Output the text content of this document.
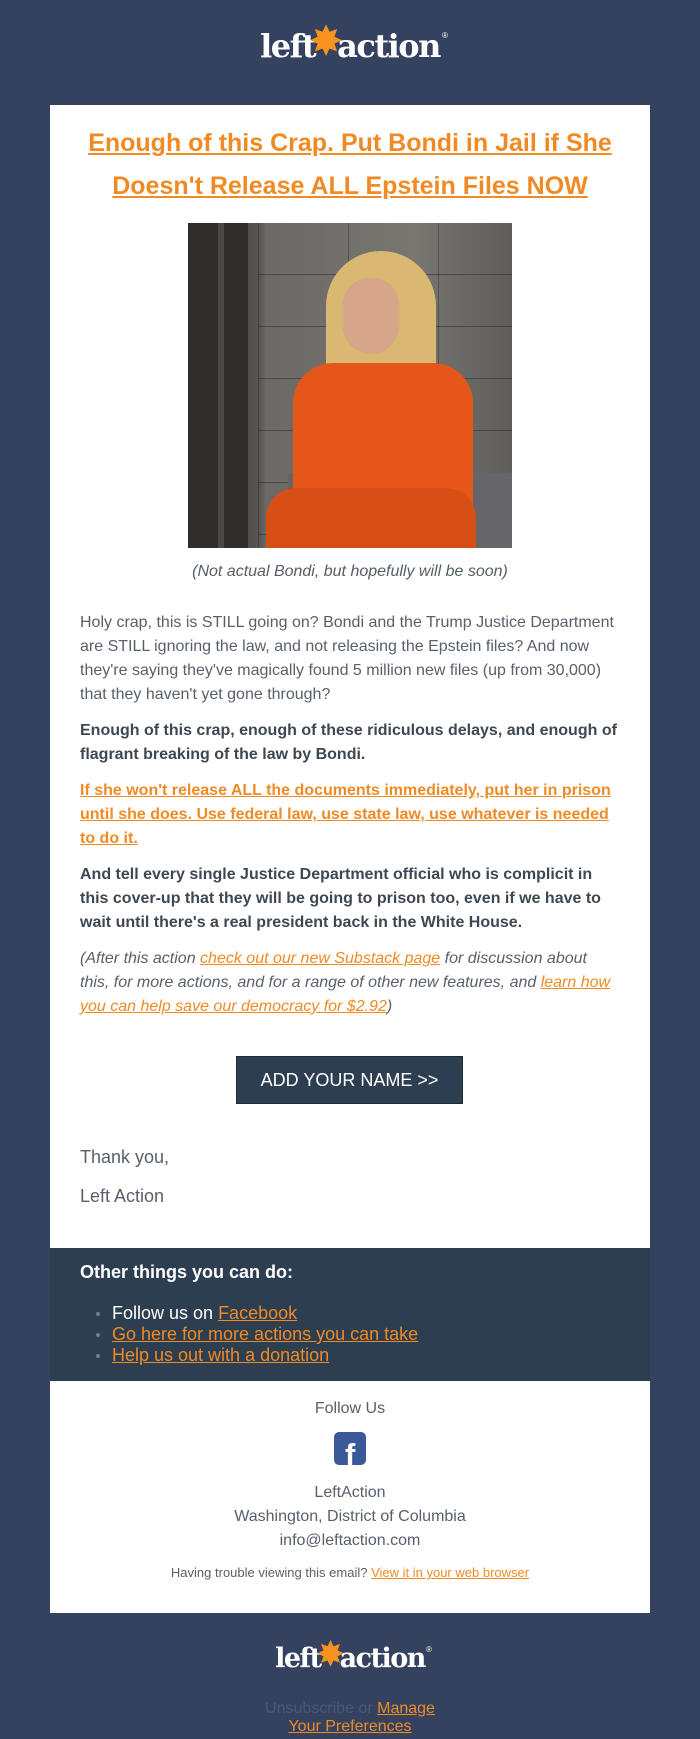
left action
✸	®
Enough of this Crap. Put Bondi in Jail if She Doesn't Release ALL Epstein Files NOW
(Not actual Bondi, but hopefully will be soon)
Holy crap, this is STILL going on? Bondi and the Trump Justice Department are STILL ignoring the law, and not releasing the Epstein files? And now they're saying they've magically found 5 million new files (up from 30,000) that they haven't yet gone through?
Enough of this crap, enough of these ridiculous delays, and enough of flagrant breaking of the law by Bondi.
If she won't release ALL the documents immediately, put her in prison until she does. Use federal law, use state law, use whatever is needed to do it.
And tell every single Justice Department official who is complicit in this cover-up that they will be going to prison too, even if we have to wait until there's a real president back in the White House.
(After this action check out our new Substack page for discussion about this, for more actions, and for a range of other new features, and learn how you can help save our democracy for $2.92)
ADD YOUR NAME >>
Thank you,
Left Action
Other things you can do:
Follow us on Facebook
Go here for more actions you can take
Help us out with a donation
Follow Us
f
LeftAction
Washington, District of Columbia
info@leftaction.com
Having trouble viewing this email? View it in your web browser
left action
✸	®
Unsubscribe or Manage
Your Preferences
